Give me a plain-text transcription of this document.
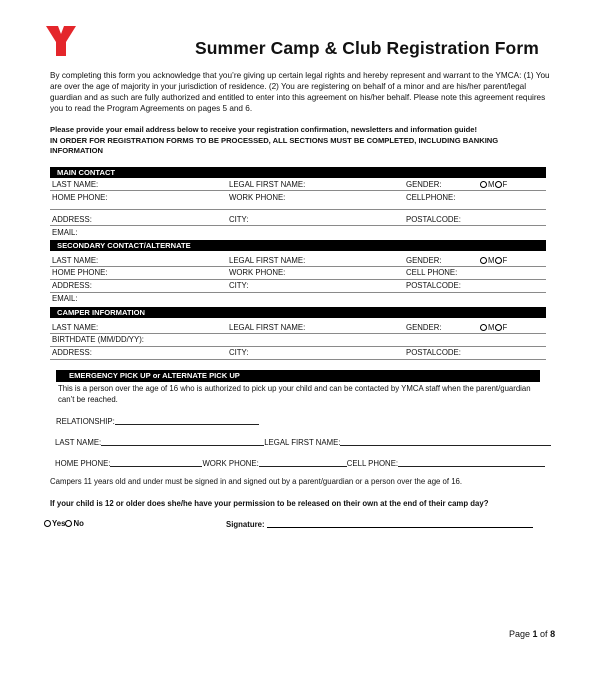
Summer Camp & Club Registration Form
By completing this form you acknowledge that you’re giving up certain legal rights and hereby represent and warrant to the YMCA: (1) You are over the age of majority in your jurisdiction of residence. (2) You are registering on behalf of a minor and are his/her parent/legal guardian and as such are fully authorized and entitled to enter into this agreement on his/her behalf. Please note this agreement requires you to read the Program Agreements on pages 5 and 6.
Please provide your email address below to receive your registration confirmation, newsletters and information guide!
IN ORDER FOR REGISTRATION FORMS TO BE PROCESSED, ALL SECTIONS MUST BE COMPLETED, INCLUDING BANKING INFORMATION
MAIN CONTACT
LAST NAME:	LEGAL FIRST NAME:	GENDER:	M F
HOME PHONE:	WORK PHONE:	CELLPHONE:
ADDRESS:	CITY:	POSTALCODE:
EMAIL:
SECONDARY CONTACT/ALTERNATE
LAST NAME:	LEGAL FIRST NAME:	GENDER:	M F
HOME PHONE:	WORK PHONE:	CELL PHONE:
ADDRESS:	CITY:	POSTALCODE:
EMAIL:
CAMPER INFORMATION
LAST NAME:	LEGAL FIRST NAME:	GENDER:	M F
BIRTHDATE (MM/DD/YY):
ADDRESS:	CITY:	POSTALCODE:
EMERGENCY PICK UP or ALTERNATE PICK UP
This is a person over the age of 16 who is authorized to pick up your child and can be contacted by YMCA staff when the parent/guardian can’t be reached.
RELATIONSHIP:
LAST NAME:	LEGAL FIRST NAME:
HOME PHONE:	WORK PHONE:	CELL PHONE:
Campers 11 years old and under must be signed in and signed out by a parent/guardian or a person over the age of 16.
If your child is 12 or older does she/he have your permission to be released on their own at the end of their camp day?
Yes No	Signature:
Page 1 of 8
